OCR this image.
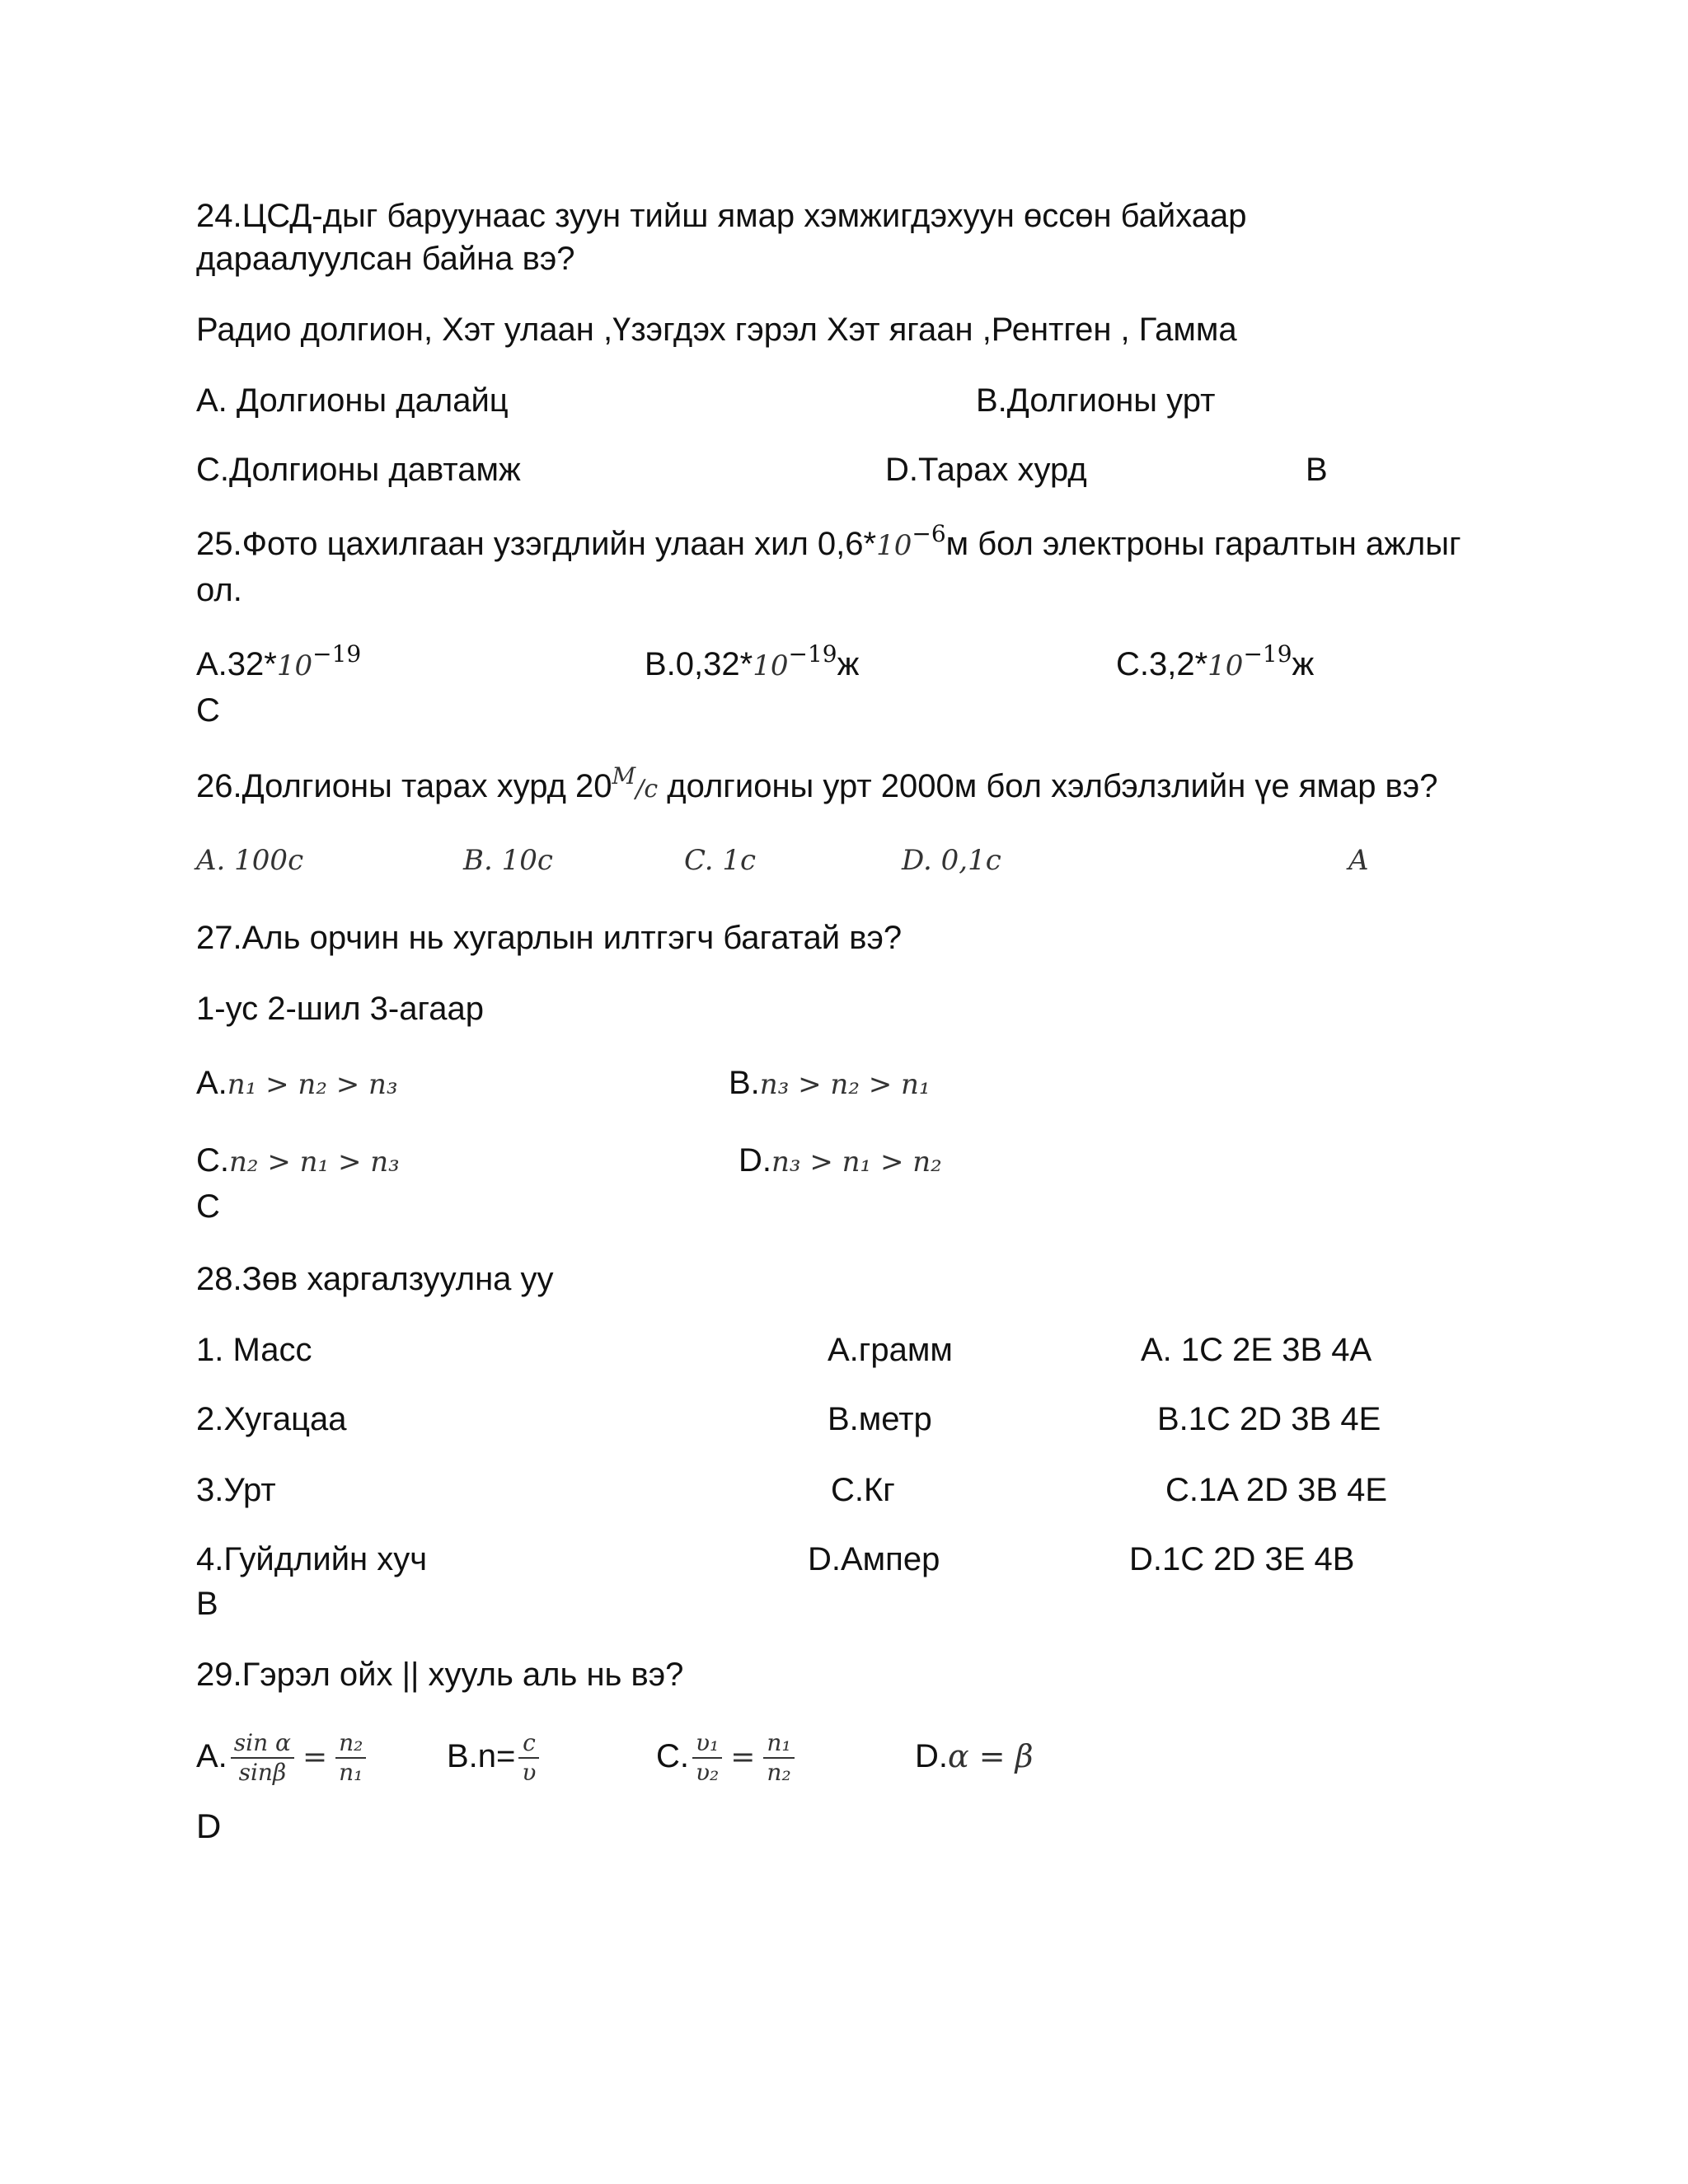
24.ЦСД-дыг баруунаас зуун тийш ямар хэмжигдэхуун өссөн байхаар
дараалуулсан байна вэ?
Радио долгион, Хэт улаан ,Үзэгдэх гэрэл Хэт ягаан ,Рентген , Гамма
A. Долгионы далайц	B.Долгионы урт
C.Долгионы давтамж	D.Тарах хурд	B
25.Фото цахилгаан узэгдлийн улаан хил $0,6*10^{-6}м$ бол электроны гаралтын ажлыг
ол.
$A.32*10^{-19}$	$B.0,32*10^{-19}ж$	$C.3,2*10^{-19}ж$
C
26.Долгионы тарах хурд $20^M/c$ долгионы урт 2000м бол хэлбэлзлийн үе ямар вэ?
A. 100c	B. 10c	C. 1c	D. 0,1c	A
27.Аль орчин нь хугарлын илтгэгч багатай вэ?
1-ус 2-шил 3-агаар
A.n₁ > n₂ > n₃	B.n₃ > n₂ > n₁
C.n₂ > n₁ > n₃	D.n₃ > n₁ > n₂
C
28.Зөв харгалзуулна уу
1. Масс	A.грамм	A. 1C 2E 3B 4A
2.Хугацаа	B.метр	B.1C 2D 3B 4E
3.Урт	C.Кг	C.1A 2D 3B 4E
4.Гуйдлийн хуч	D.Ампер	D.1C 2D 3E 4B
B
29.Гэрэл ойх || хууль аль нь вэ?
A. $\frac{\text{sin α}}{\sin\beta} = \frac{\text{n₂}}{\text{n₁}} B.n= \frac{c}{\upsilon}$	C. $\frac{\text{υ₁}}{\text{υ₂}} = \frac{\text{n₁}}{\text{n₂}}$	D.α = β
D
